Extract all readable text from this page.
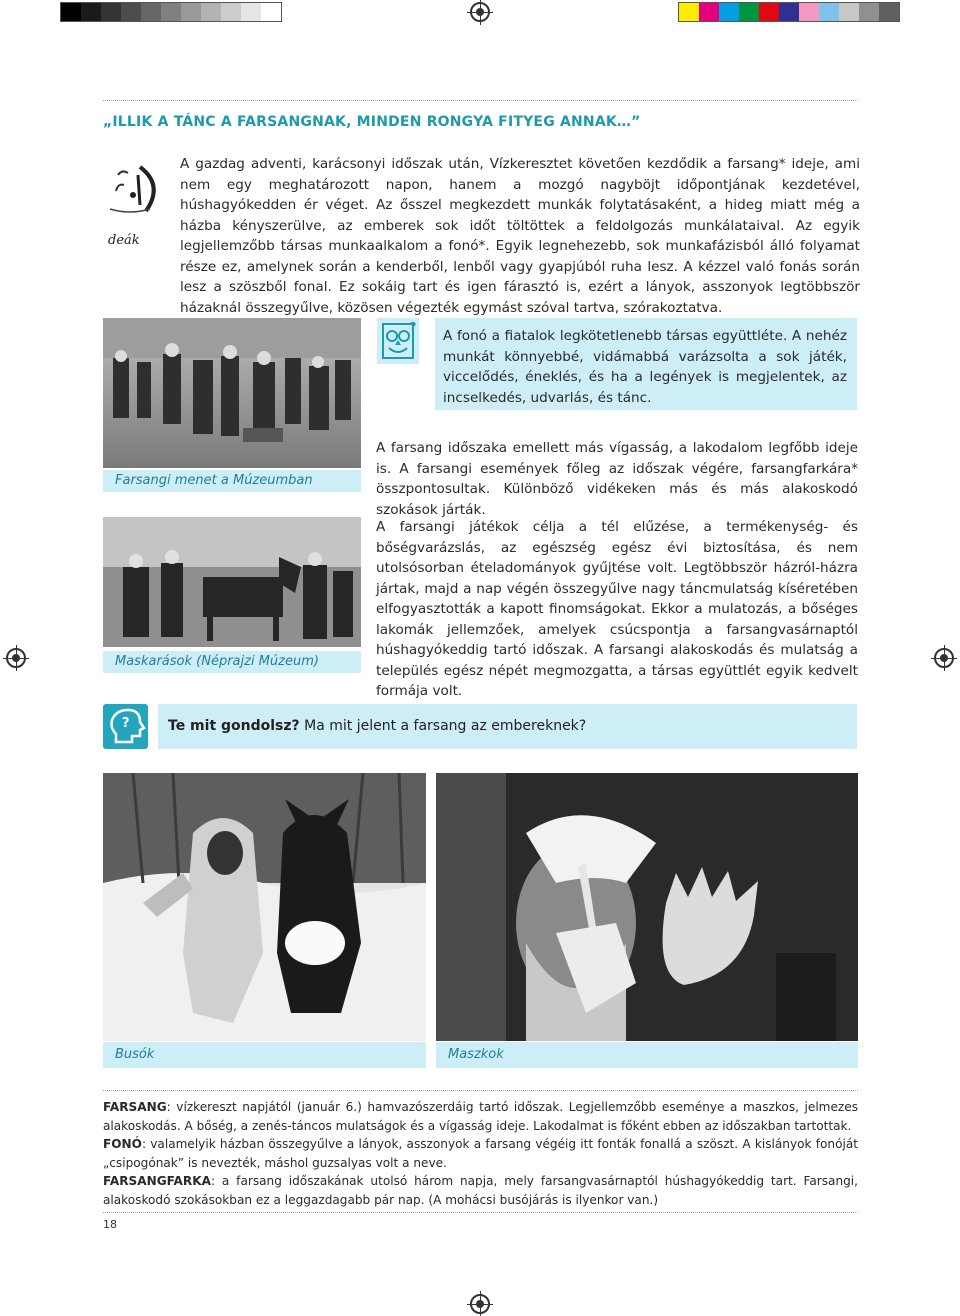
„ILLIK A TÁNC A FARSANGNAK, MINDEN RONGYA FITYEG ANNAK…”
deák

A gazdag adventi, karácsonyi időszak után, Vízkeresztet követően kezdődik a farsang* ideje, ami nem egy meghatározott napon, hanem a mozgó nagyböjt időpontjának kezdetével, húshagyókedden ér véget. Az ősszel megkezdett munkák folytatásaként, a hideg miatt még a házba kényszerülve, az emberek sok időt töltöttek a feldolgozás munkálataival. Az egyik legjellemzőbb társas munkaalkalom a fonó*. Egyik legnehezebb, sok munkafázisból álló folyamat része ez, amelynek során a kenderből, lenből vagy gyapjúból ruha lesz. A kézzel való fonás során lesz a szöszből fonal. Ez sokáig tart és igen fárasztó is, ezért a lányok, asszonyok legtöbbször házaknál összegyűlve, közösen végezték egymást szóval tartva, szórakoztatva.

Farsangi menet a Múzeumban
Maskarások (Néprajzi Múzeum)
?
A fonó a fiatalok legkötetlenebb társas együttléte. A nehéz munkát könnyebbé, vidámabbá varázsolta a sok játék, viccelődés, éneklés, és ha a legények is megjelentek, az incselkedés, udvarlás, és tánc.
A farsang időszaka emellett más vígasság, a lakodalom legfőbb ideje is. A farsangi események főleg az időszak végére, farsangfarkára* összpontosultak. Különböző vidékeken más és más alakoskodó szokások járták.
A farsangi játékok célja a tél elűzése, a termékenység- és bőségvarázslás, az egészség egész évi biztosítása, és nem utolsósorban ételadományok gyűjtése volt. Legtöbbször házról-házra jártak, majd a nap végén összegyűlve nagy táncmulatság kíséretében elfogyasztották a kapott finomságokat. Ekkor a mulatozás, a bőséges lakomák jellemzőek, amelyek csúcspontja a farsangvasárnaptól húshagyókeddig tartó időszak. A farsangi alakoskodás és mulatság a település egész népét megmozgatta, a társas együttlét egyik kedvelt formája volt.
?	Te mit gondolsz? Ma mit jelent a farsang az embereknek?
Busók	Maszkok

FARSANG: vízkereszt napjától (január 6.) hamvazószerdáig tartó időszak. Legjellemzőbb eseménye a maszkos, jelmezes alakoskodás. A bőség, a zenés-táncos mulatságok és a vígasság ideje. Lakodalmat is főként ebben az időszakban tartottak.

FONÓ: valamelyik házban összegyűlve a lányok, asszonyok a farsang végéig itt fonták fonallá a szöszt. A kislányok fonóját „csipogónak” is nevezték, máshol guzsalyas volt a neve.

FARSANGFARKA: a farsang időszakának utolsó három napja, mely farsangvasárnaptól húshagyókeddig tart. Farsangi, alakoskodó szokásokban ez a leggazdagabb pár nap. (A mohácsi busójárás is ilyenkor van.)

18
